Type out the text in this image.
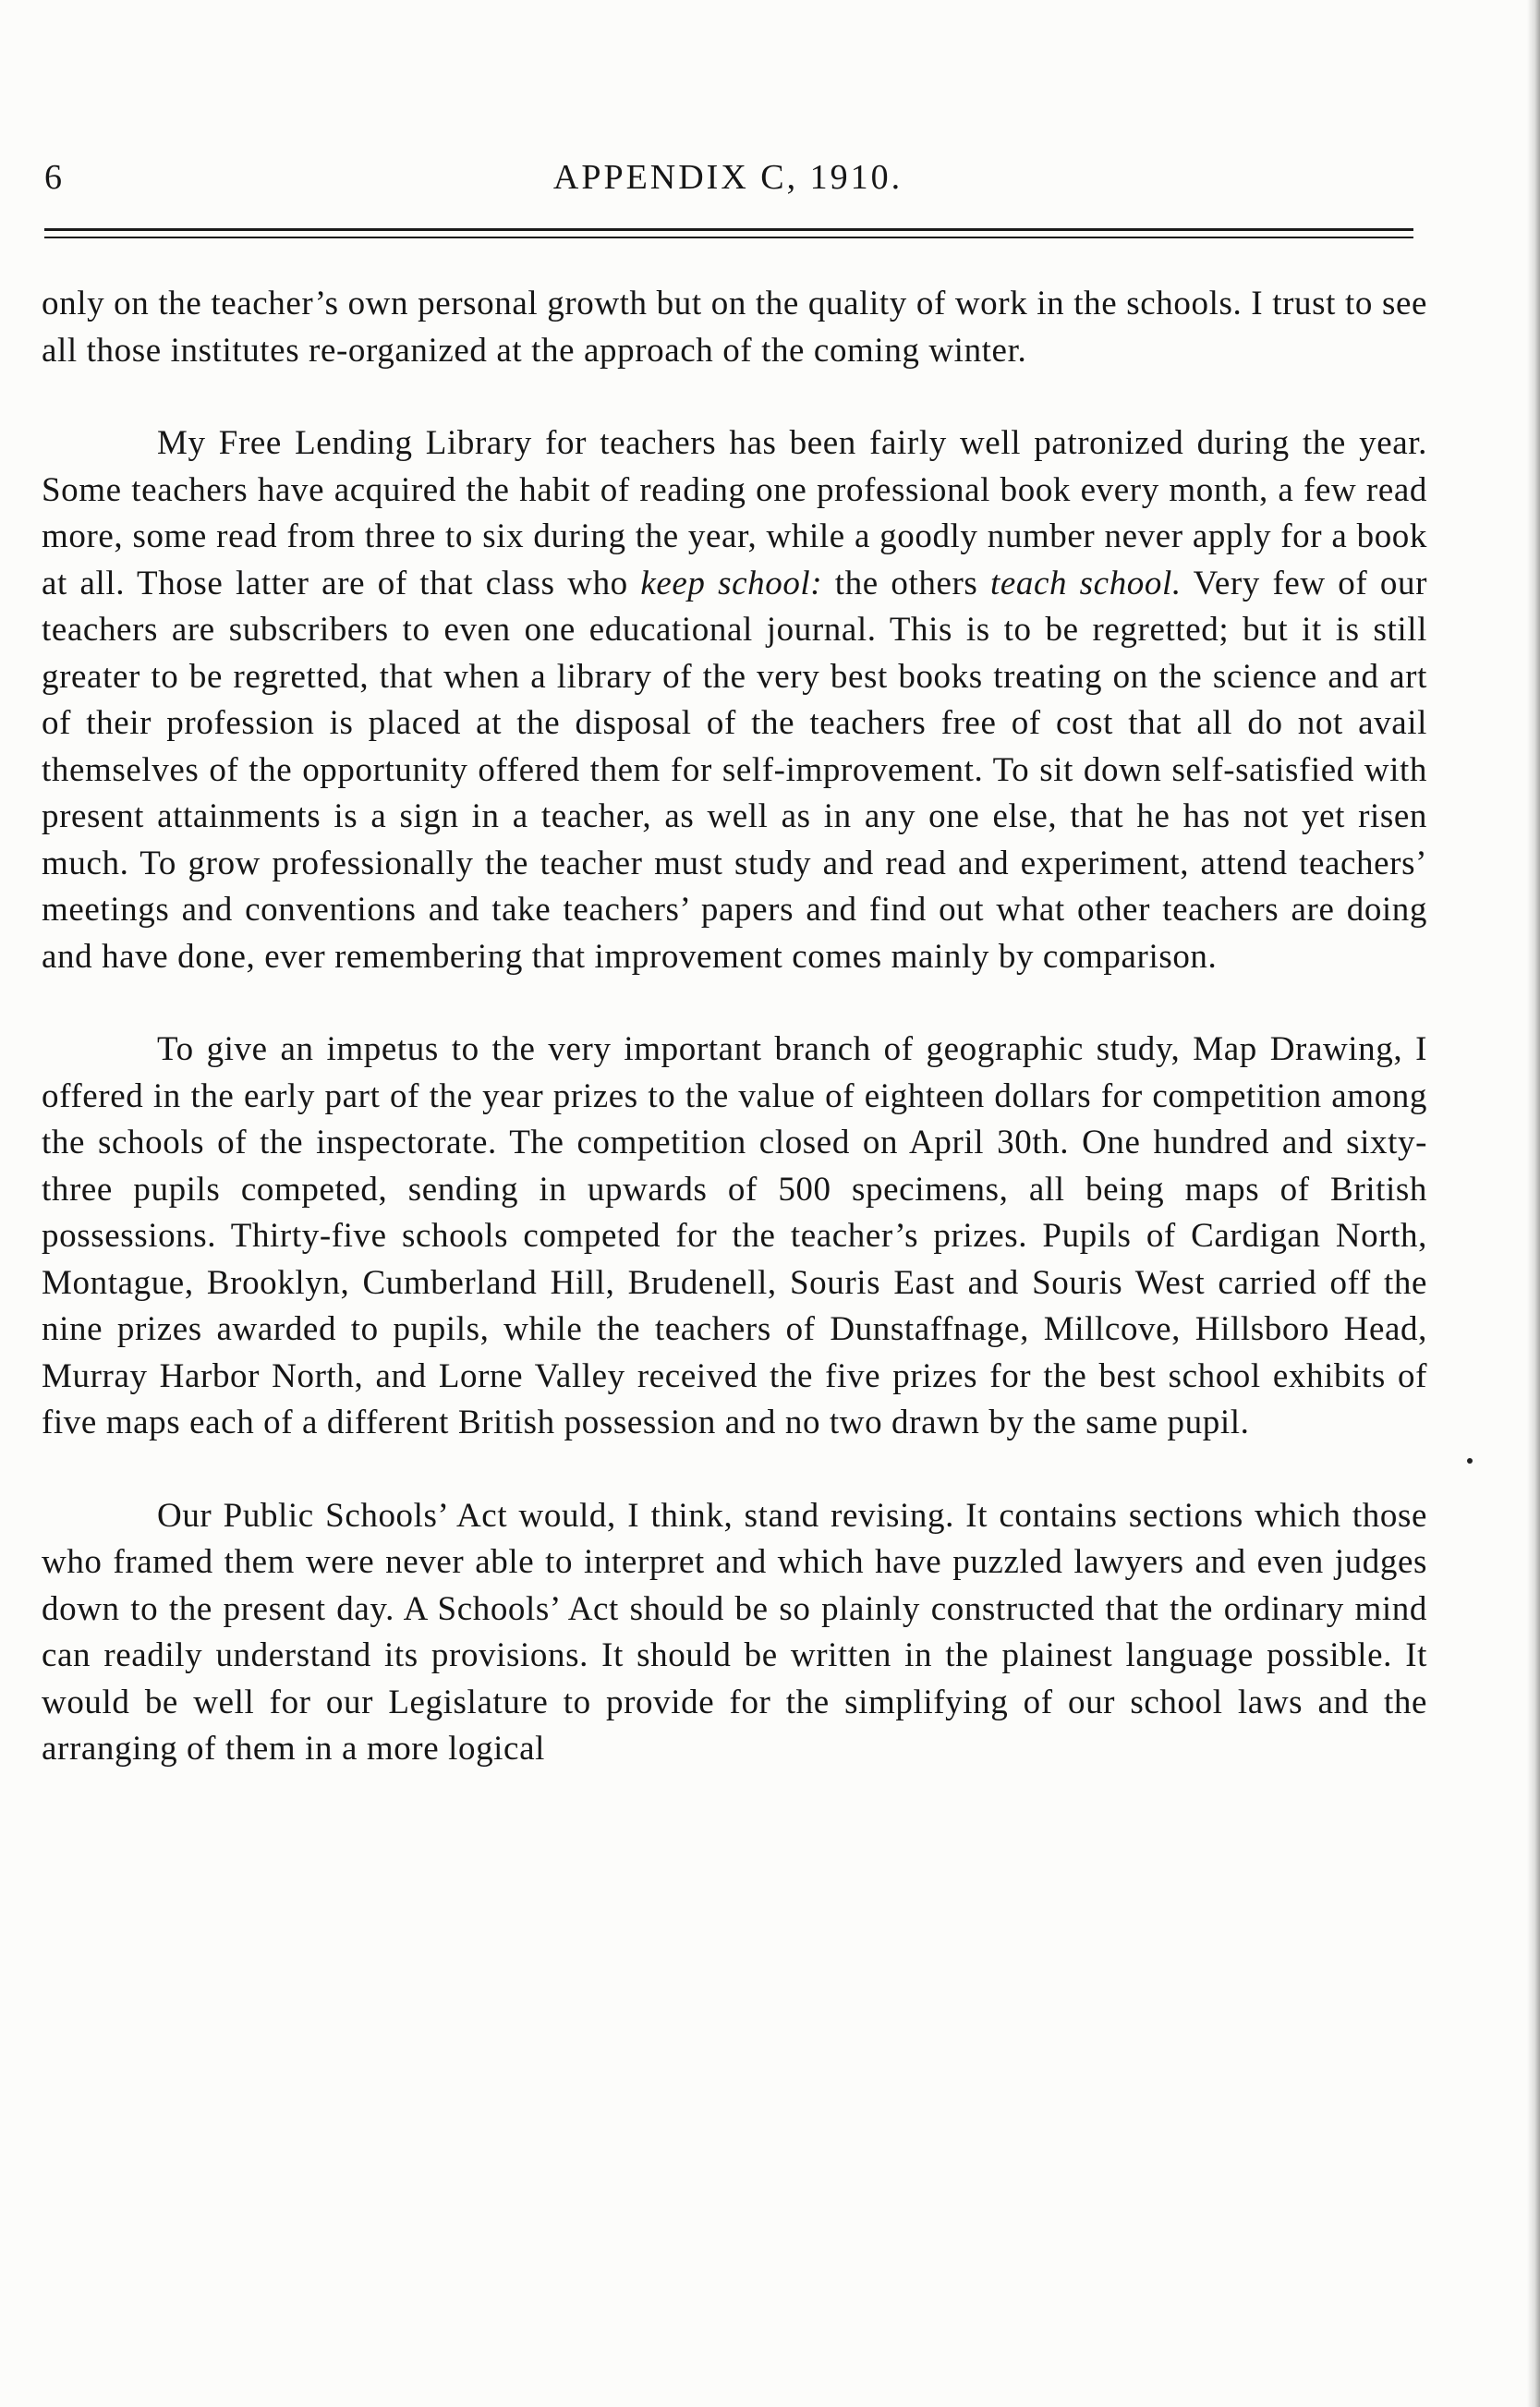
6	APPENDIX C, 1910.

only on the teacher’s own personal growth but on the quality of work in the schools. I trust to see all those institutes re-organized at the approach of the coming winter.

My Free Lending Library for teachers has been fairly well patronized during the year. Some teachers have acquired the habit of reading one professional book every month, a few read more, some read from three to six during the year, while a goodly number never apply for a book at all. Those latter are of that class who keep school: the others teach school. Very few of our teachers are subscribers to even one educational journal. This is to be regretted; but it is still greater to be regretted, that when a library of the very best books treating on the science and art of their profession is placed at the disposal of the teachers free of cost that all do not avail themselves of the opportunity offered them for self-improvement. To sit down self-satisfied with present attainments is a sign in a teacher, as well as in any one else, that he has not yet risen much. To grow professionally the teacher must study and read and experiment, attend teachers’ meetings and conventions and take teachers’ papers and find out what other teachers are doing and have done, ever remembering that improvement comes mainly by comparison.

To give an impetus to the very important branch of geographic study, Map Drawing, I offered in the early part of the year prizes to the value of eighteen dollars for competition among the schools of the inspectorate. The competition closed on April 30th. One hundred and sixty-three pupils competed, sending in upwards of 500 specimens, all being maps of British possessions. Thirty-five schools competed for the teacher’s prizes. Pupils of Cardigan North, Montague, Brooklyn, Cumberland Hill, Brudenell, Souris East and Souris West carried off the nine prizes awarded to pupils, while the teachers of Dunstaffnage, Millcove, Hillsboro Head, Murray Harbor North, and Lorne Valley received the five prizes for the best school exhibits of five maps each of a different British possession and no two drawn by the same pupil.

Our Public Schools’ Act would, I think, stand revising. It contains sections which those who framed them were never able to interpret and which have puzzled lawyers and even judges down to the present day. A Schools’ Act should be so plainly constructed that the ordinary mind can readily understand its provisions. It should be written in the plainest language possible. It would be well for our Legislature to provide for the simplifying of our school laws and the arranging of them in a more logical
